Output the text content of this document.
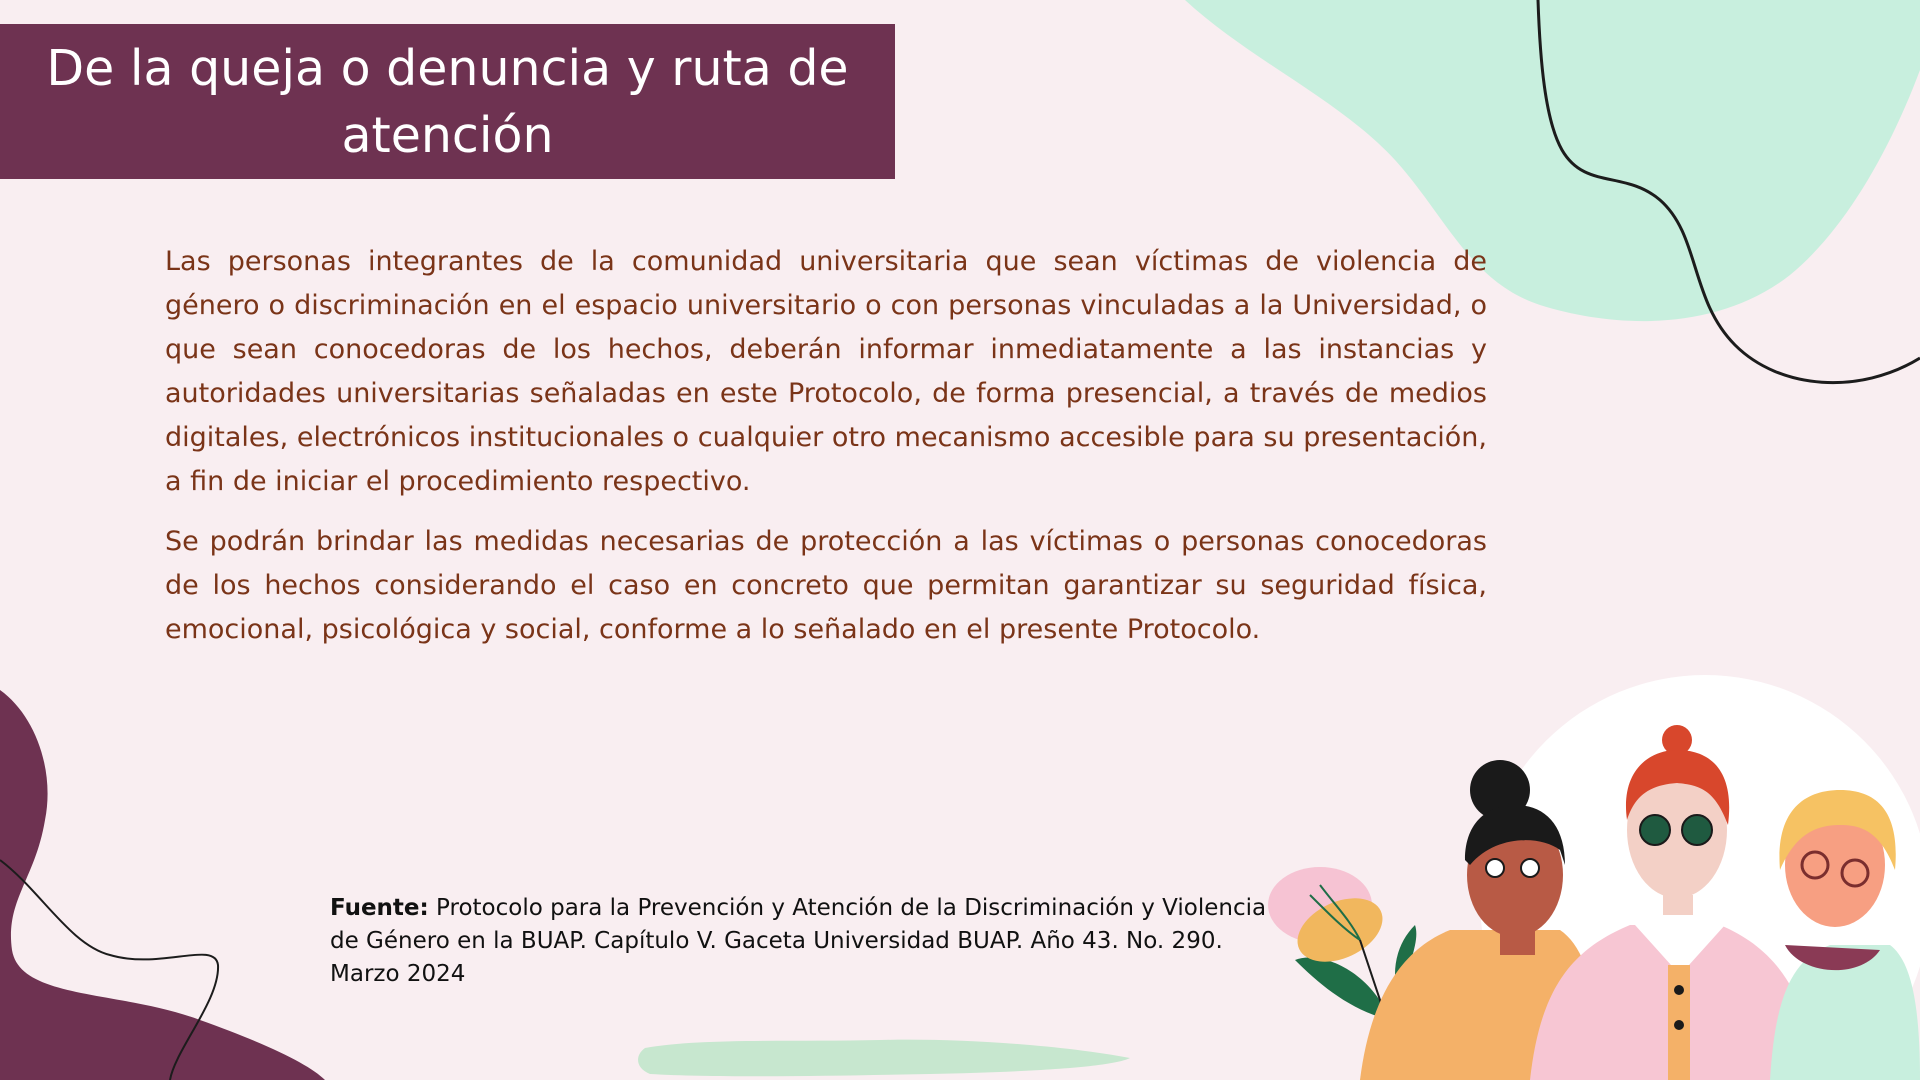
De la queja o denuncia y ruta de atención

Las personas integrantes de la comunidad universitaria que sean víctimas de violencia de género o discriminación en el espacio universitario o con personas vinculadas a la Universidad, o que sean conocedoras de los hechos, deberán informar inmediatamente a las instancias y autoridades universitarias señaladas en este Protocolo, de forma presencial, a través de medios digitales, electrónicos institucionales o cualquier otro mecanismo accesible para su presentación, a fin de iniciar el procedimiento respectivo.

Se podrán brindar las medidas necesarias de protección a las víctimas o personas conocedoras de los hechos considerando el caso en concreto que permitan garantizar su seguridad física, emocional, psicológica y social, conforme a lo señalado en el presente Protocolo.

Fuente: Protocolo para la Prevención y Atención de la Discriminación y Violencia de Género en la BUAP. Capítulo V. Gaceta Universidad BUAP. Año 43. No. 290. Marzo 2024
